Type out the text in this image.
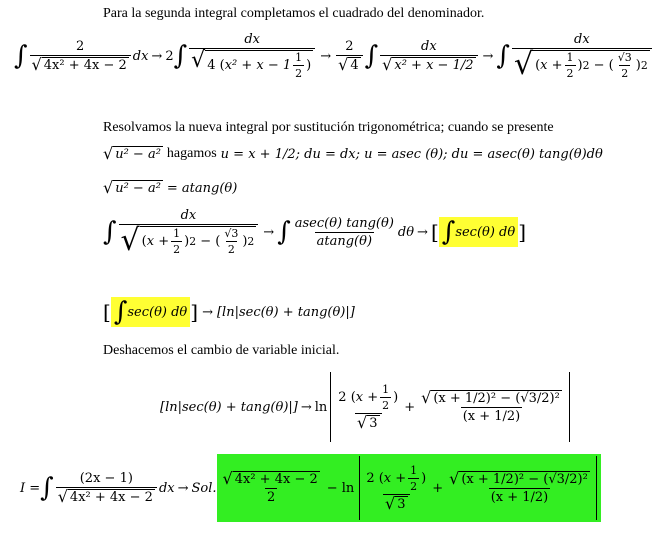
Para la segunda integral completamos el cuadrado del denominador.
∫ $\frac{2}{\text{√ 4x² + 4x − 2}}$ dx → 2 ∫ $\frac{dx}{√ 4 ( x^2 + x - 1 \frac{1}{2} )} \to \frac{2}{√ 4}$ ∫ $\frac{dx}{\text{√ x² + x − 1/2}}$ → ∫ $\frac{dx}{√ ( x + \frac{1}{2} ) 2 - ( \frac{√3}{2} ) 2}$
Resolvamos la nueva integral por sustitución trigonométrica; cuando se presente
√ u² − a² hagamos u = x + 1/2; du = dx; u = asec (θ); du = asec(θ) tang(θ)dθ
√ u² − a² = atang(θ)
∫ $\frac{dx}{√ ( x + \frac{1}{2} ) 2 - ( \frac{√3}{2} ) 2}$ → ∫ $\frac{asec(\theta) \tan g(\theta)}{atang(\theta)}$ dθ → [ ∫ sec(θ) dθ ]
[ ∫ sec(θ) dθ ] → [ln|sec(θ) + tang(θ)|]
Deshacemos el cambio de variable inicial.
$[\ln|\sec(\theta) + \tan g(\theta)|] \to \ln \frac{2 ( x + \frac{1}{2} )}{√ 3} + \frac{\text{√ (x + 1/2)² − (√3/2)²}}{(x + 1/2)}$
I = ∫ $\frac{(2x - 1)}{\text{√ 4x² + 4x − 2}}$ dx → Sol. $\frac{\text{√ 4x² + 4x − 2}}{2} - \ln \frac{2 ( x + \frac{1}{2} )}{√ 3} + \frac{\text{√ (x + 1/2)² − (√3/2)²}}{(x + 1/2)}$
